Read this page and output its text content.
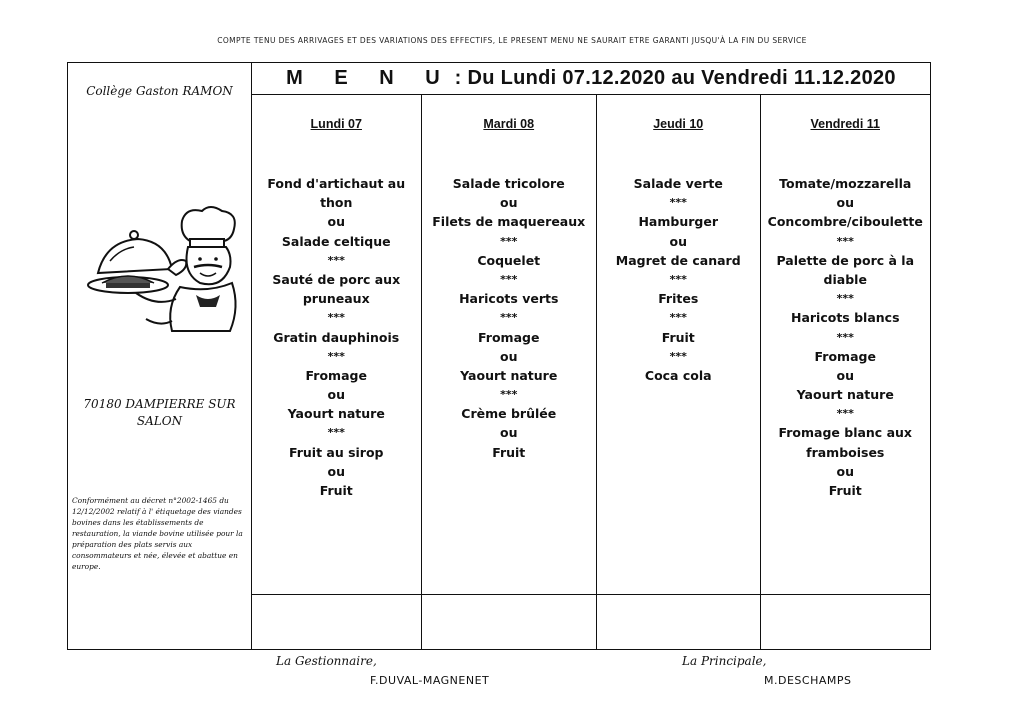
COMPTE TENU DES ARRIVAGES ET DES VARIATIONS DES EFFECTIFS, LE PRESENT MENU NE SAURAIT ETRE GARANTI JUSQU'À LA FIN DU SERVICE
Collège Gaston RAMON
70180 DAMPIERRE SUR
SALON
Conformément au décret n°2002-1465 du 12/12/2002 relatif à l' étiquetage des viandes bovines dans les établissements de restauration, la viande bovine utilisée pour la préparation des plats servis aux consommateurs et née, élevée et abattue en europe.
M E N U : Du Lundi 07.12.2020 au Vendredi 11.12.2020
Lundi 07
Fond d'artichaut au
thon
ou
Salade celtique
***
Sauté de porc aux
pruneaux
***
Gratin dauphinois
***
Fromage
ou
Yaourt nature
***
Fruit au sirop
ou
Fruit
Mardi 08
Salade tricolore
ou
Filets de maquereaux
***
Coquelet
***
Haricots verts
***
Fromage
ou
Yaourt nature
***
Crème brûlée
ou
Fruit
Jeudi 10
Salade verte
***
Hamburger
ou
Magret de canard
***
Frites
***
Fruit
***
Coca cola
Vendredi 11
Tomate/mozzarella
ou
Concombre/ciboulette
***
Palette de porc à la
diable
***
Haricots blancs
***
Fromage
ou
Yaourt nature
***
Fromage blanc aux
framboises
ou
Fruit
La Gestionnaire,
F.DUVAL-MAGNENET
La Principale,
M.DESCHAMPS
